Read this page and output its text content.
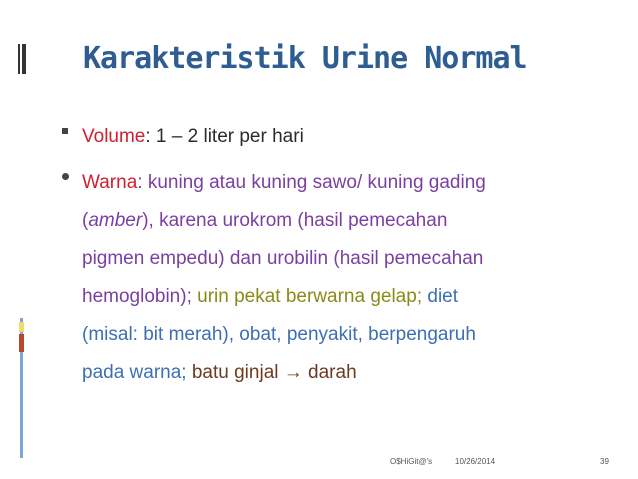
Karakteristik Urine Normal
Volume: 1 – 2 liter per hari
Warna: kuning atau kuning sawo/ kuning gading
(amber), karena urokrom (hasil pemecahan
pigmen empedu) dan urobilin (hasil pemecahan
hemoglobin); urin pekat berwarna gelap; diet
(misal: bit merah), obat, penyakit, berpengaruh
pada warna; batu ginjal → darah
O$HiGit@'s	10/26/2014	39
